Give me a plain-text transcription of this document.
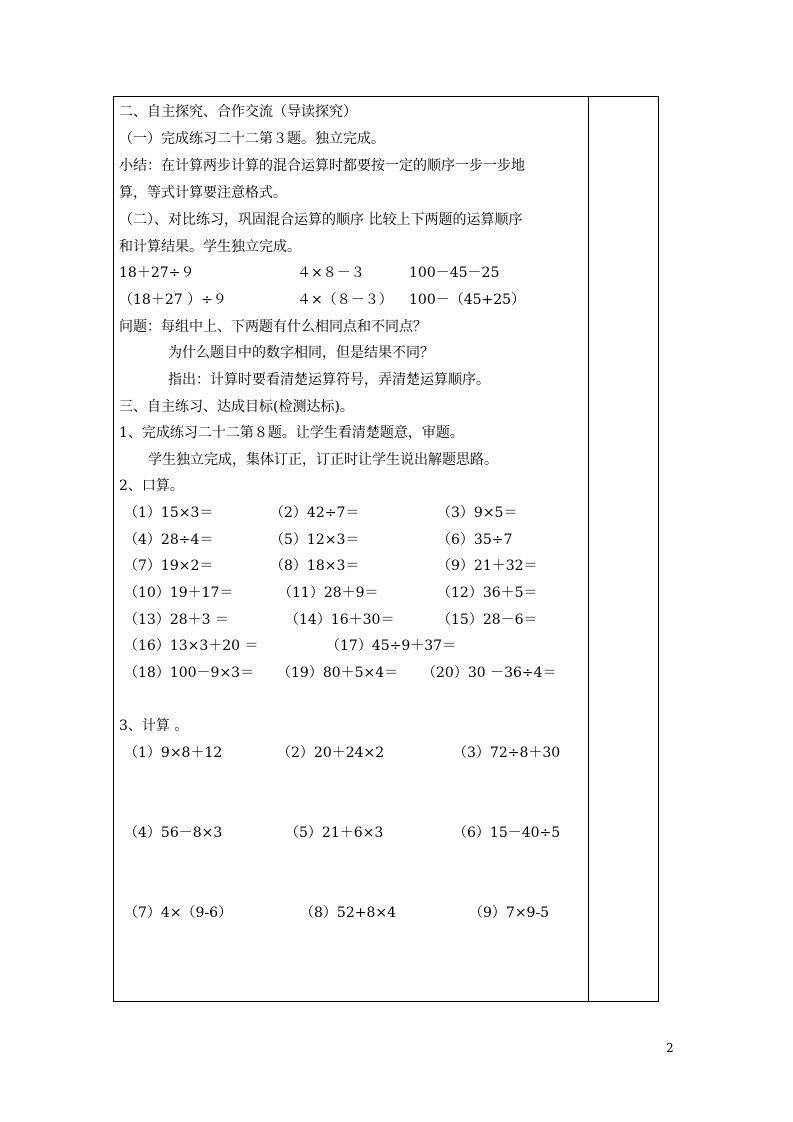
二、自主探究、合作交流（导读探究）
（一）完成练习二十二第３题。独立完成。
小结：在计算两步计算的混合运算时都要按一定的顺序一步一步地
算，等式计算要注意格式。
（二）、对比练习，巩固混合运算的顺序 比较上下两题的运算顺序
和计算结果。学生独立完成。
18＋27÷９	４×８－３	100－45－25
（18＋27 ）÷９	４×（８－３） 100－（45+25）
问题：每组中上、下两题有什么相同点和不同点？
为什么题目中的数字相同，但是结果不同？
指出：计算时要看清楚运算符号，弄清楚运算顺序。
三、自主练习、达成目标(检测达标)。
1、完成练习二十二第８题。让学生看清楚题意，审题。
学生独立完成，集体订正，订正时让学生说出解题思路。
2、口算。
（1）15×3＝	（2）42÷7＝	（3）9×5＝
（4）28÷4＝	（5）12×3＝	（6）35÷7
（7）19×2＝	（8）18×3＝	（9）21＋32＝
（10）19＋17＝	（11）28＋9＝	（12）36＋5＝
（13）28＋3 ＝	（14）16＋30＝	（15）28－6＝
（16）13×3＋20 ＝	（17）45÷9＋37＝
（18）100－9×3＝ （19）80＋5×4＝ （20）30 －36÷4＝
3、计算 。
（1）9×8＋12	（2）20＋24×2	（3）72÷8＋30
（4）56－8×3	（5）21＋6×3	（6）15－40÷5
（7）4×（9-6）	（8）52+8×4	（9）7×9-5
2
